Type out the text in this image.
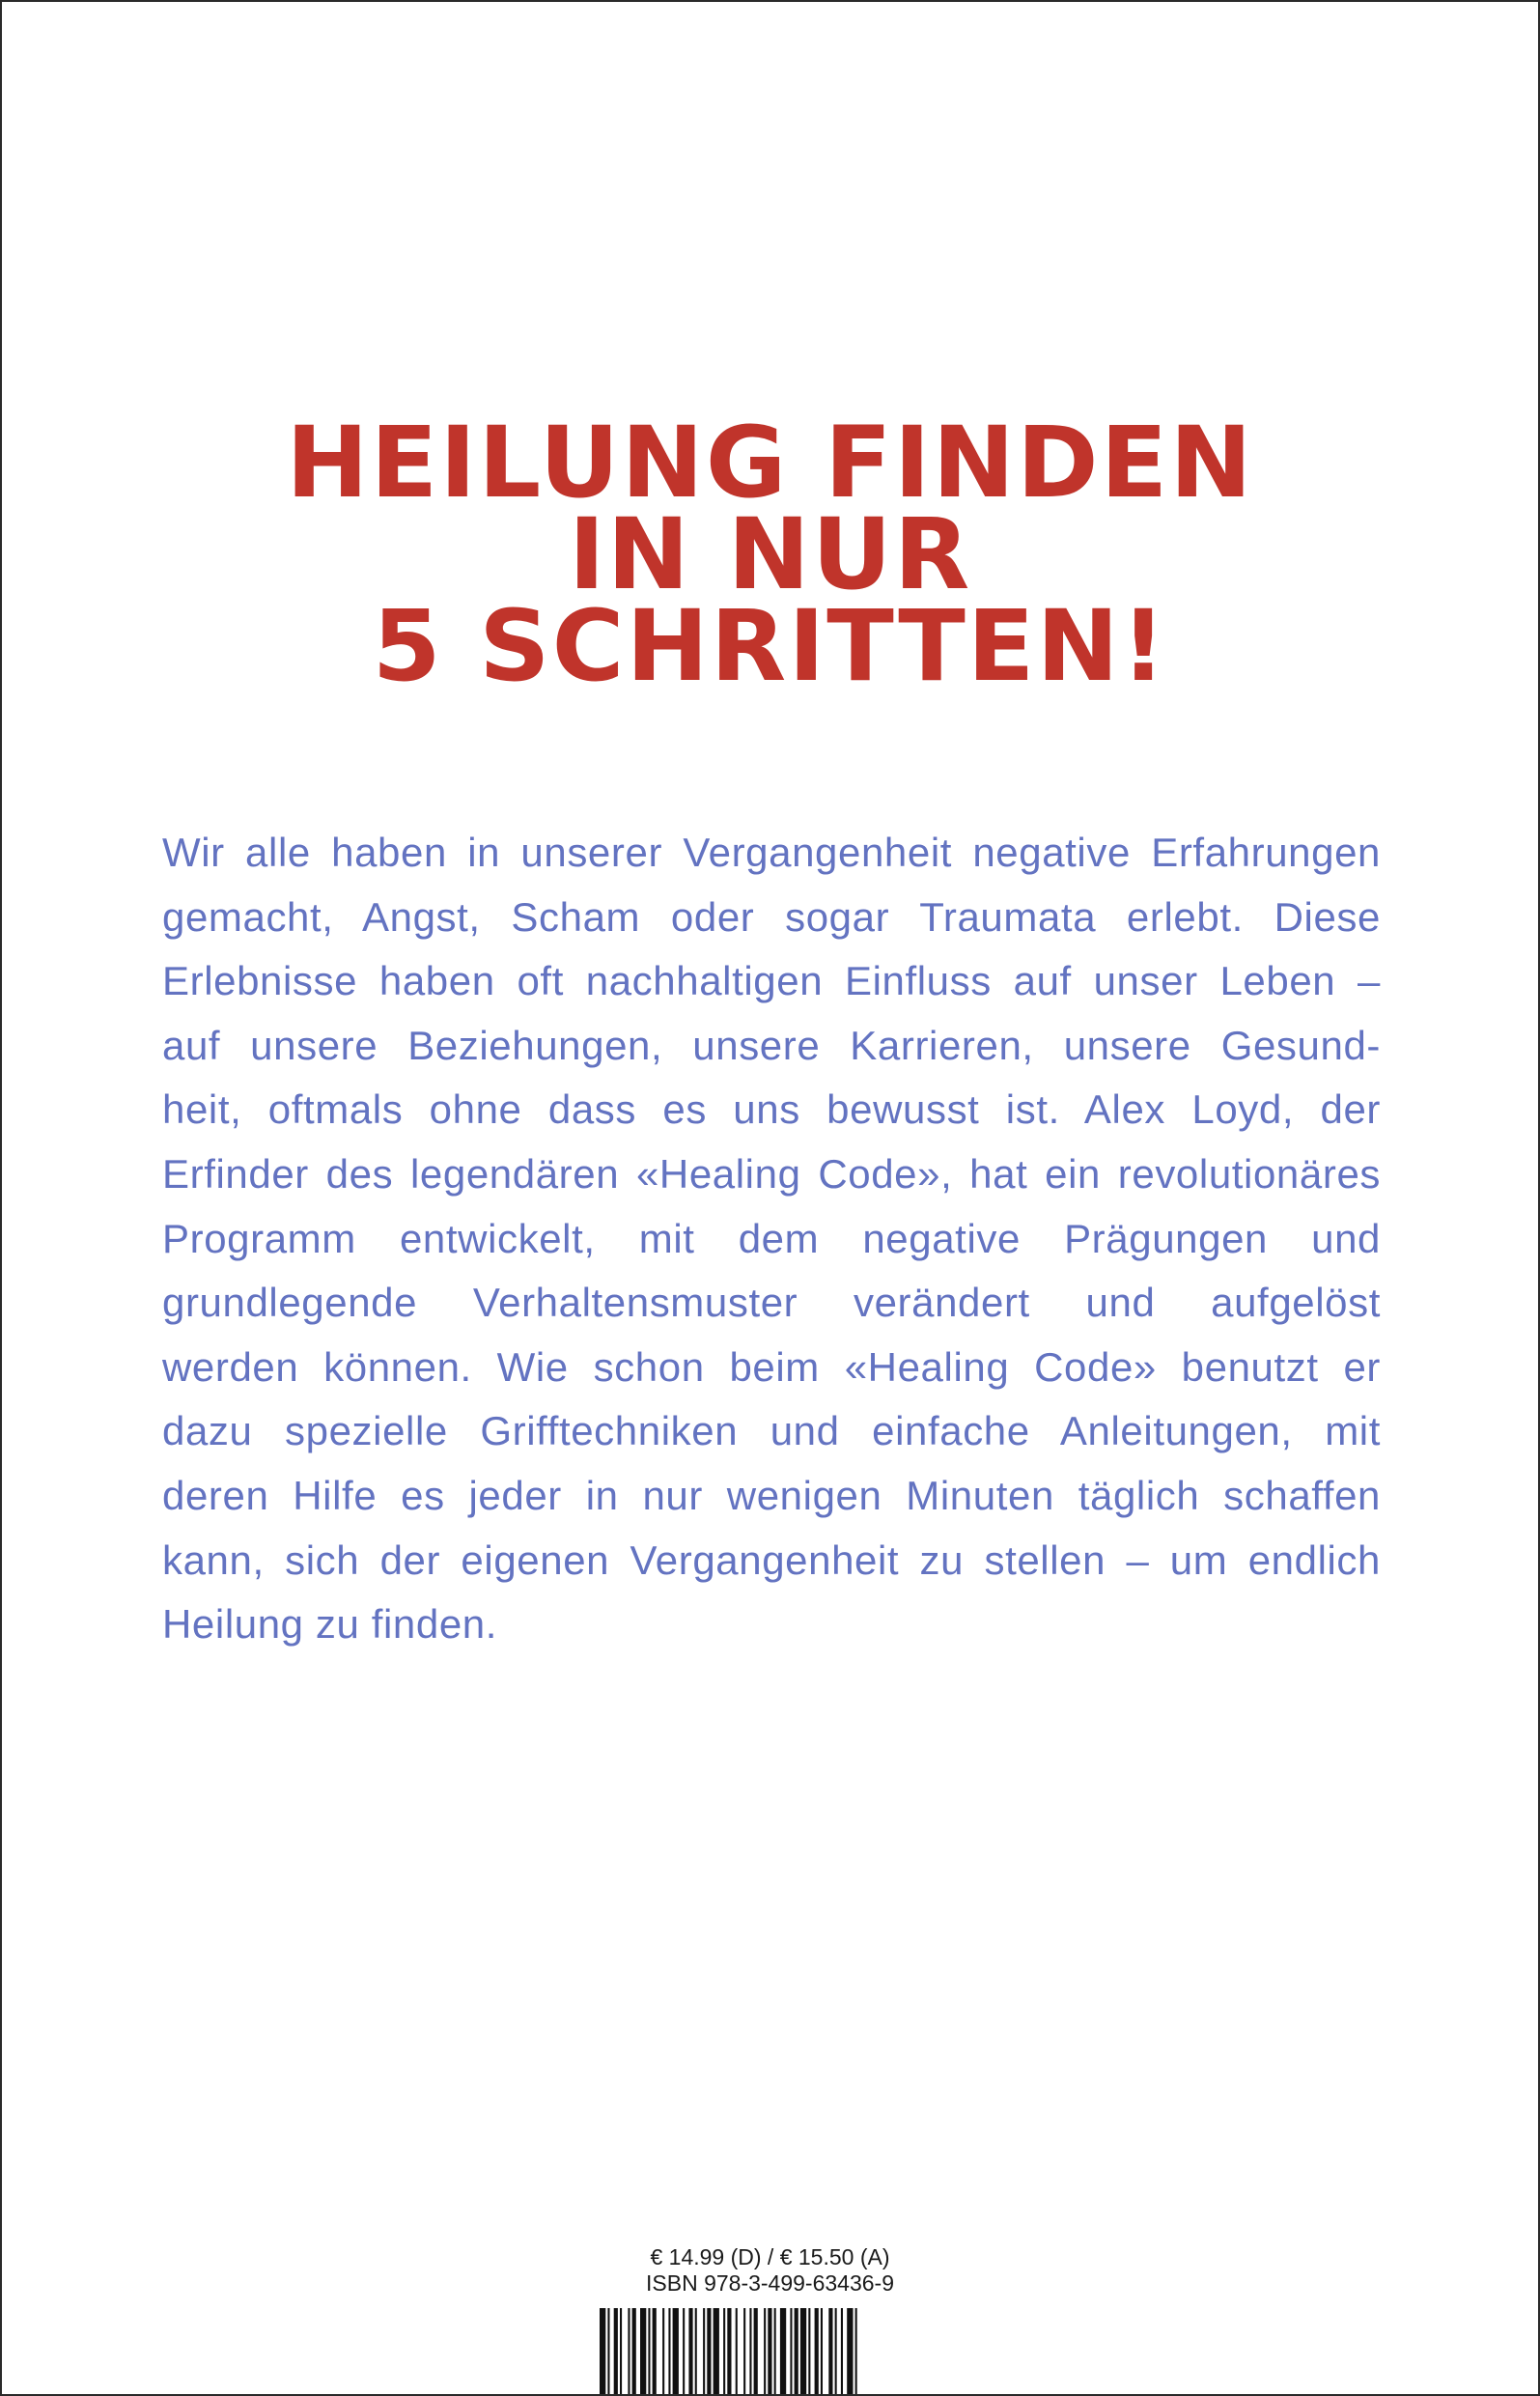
HEILUNG FINDEN
IN NUR
5 SCHRITTEN!

Wir alle haben in unserer Vergangenheit negative Erfahrungen
gemacht, Angst, Scham oder sogar Traumata erlebt. Diese
Erlebnisse haben oft nachhaltigen Einfluss auf unser Leben –
auf unsere Beziehungen, unsere Karrieren, unsere Gesund-
heit, oftmals ohne dass es uns bewusst ist. Alex Loyd, der
Erfinder des legendären «Healing Code», hat ein revolutionäres
Programm entwickelt, mit dem negative Prägungen und
grundlegende Verhaltensmuster verändert und aufgelöst
werden können. Wie schon beim «Healing Code» benutzt er
dazu spezielle Grifftechniken und einfache Anleitungen, mit
deren Hilfe es jeder in nur wenigen Minuten täglich schaffen
kann, sich der eigenen Vergangenheit zu stellen – um endlich
Heilung zu finden.

€ 14.99 (D) / € 15.50 (A)
ISBN 978-3-499-63436-9
